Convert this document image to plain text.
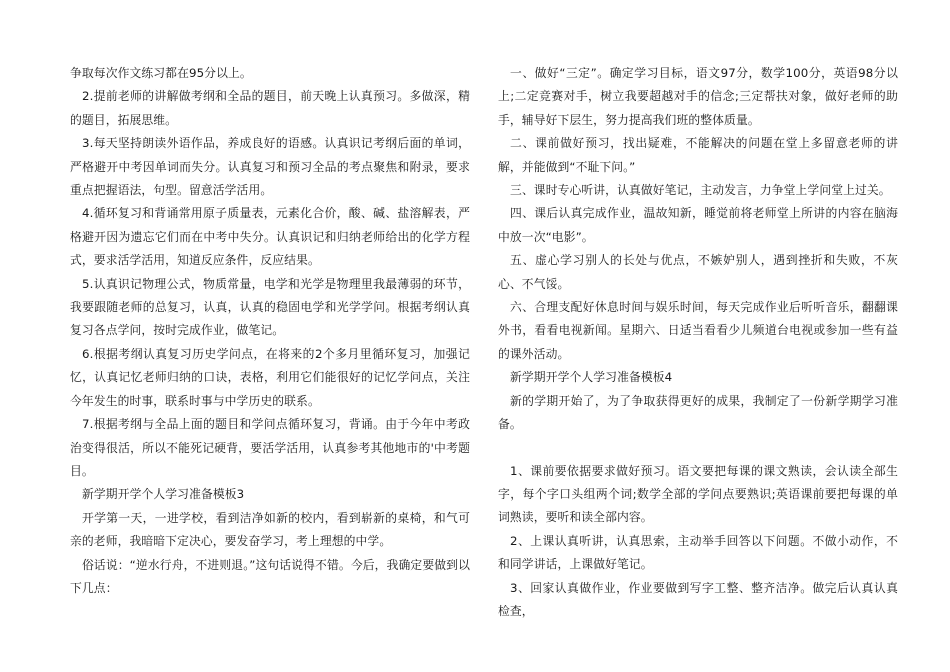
争取每次作文练习都在95分以上。

2.提前老师的讲解做考纲和全品的题目，前天晚上认真预习。多做深，精的题目，拓展思维。

3.每天坚持朗读外语作品，养成良好的语感。认真识记考纲后面的单词，严格避开中考因单词而失分。认真复习和预习全品的考点聚焦和附录，要求重点把握语法，句型。留意活学活用。

4.循环复习和背诵常用原子质量表，元素化合价，酸、碱、盐溶解表，严格避开因为遗忘它们而在中考中失分。认真识记和归纳老师给出的化学方程式，要求活学活用，知道反应条件，反应结果。

5.认真识记物理公式，物质常量，电学和光学是物理里我最薄弱的环节，我要跟随老师的总复习，认真，认真的稳固电学和光学学问。根据考纲认真复习各点学问，按时完成作业，做笔记。

6.根据考纲认真复习历史学问点，在将来的2个多月里循环复习，加强记忆，认真记忆老师归纳的口诀，表格，利用它们能很好的记忆学问点，关注今年发生的时事，联系时事与中学历史的联系。

7.根据考纲与全品上面的题目和学问点循环复习，背诵。由于今年中考政治变得很活，所以不能死记硬背，要活学活用，认真参考其他地市的'中考题目。

新学期开学个人学习准备模板3

开学第一天，一进学校，看到洁净如新的校内，看到崭新的桌椅，和气可亲的老师，我暗暗下定决心，要发奋学习，考上理想的中学。

俗话说：“逆水行舟，不进则退。”这句话说得不错。今后，我确定要做到以下几点：

一、做好“三定”。确定学习目标，语文97分，数学100分，英语98分以上;二定竞赛对手，树立我要超越对手的信念;三定帮扶对象，做好老师的助手，辅导好下层生，努力提高我们班的整体质量。

二、课前做好预习，找出疑难，不能解决的问题在堂上多留意老师的讲解，并能做到“不耻下问。”

三、课时专心听讲，认真做好笔记，主动发言，力争堂上学问堂上过关。

四、课后认真完成作业，温故知新，睡觉前将老师堂上所讲的内容在脑海中放一次“电影”。

五、虚心学习别人的长处与优点，不嫉妒别人，遇到挫折和失败，不灰心、不气馁。

六、合理支配好休息时间与娱乐时间，每天完成作业后听听音乐，翻翻课外书，看看电视新闻。星期六、日适当看看少儿频道台电视或参加一些有益的课外活动。

新学期开学个人学习准备模板4

新的学期开始了，为了争取获得更好的成果，我制定了一份新学期学习准备。

1、课前要依据要求做好预习。语文要把每课的课文熟读，会认读全部生字，每个字口头组两个词;数学全部的学问点要熟识;英语课前要把每课的单词熟读，要听和读全部内容。

2、上课认真听讲，认真思索，主动举手回答以下问题。不做小动作，不和同学讲话，上课做好笔记。

3、回家认真做作业，作业要做到写字工整、整齐洁净。做完后认真认真检查，
